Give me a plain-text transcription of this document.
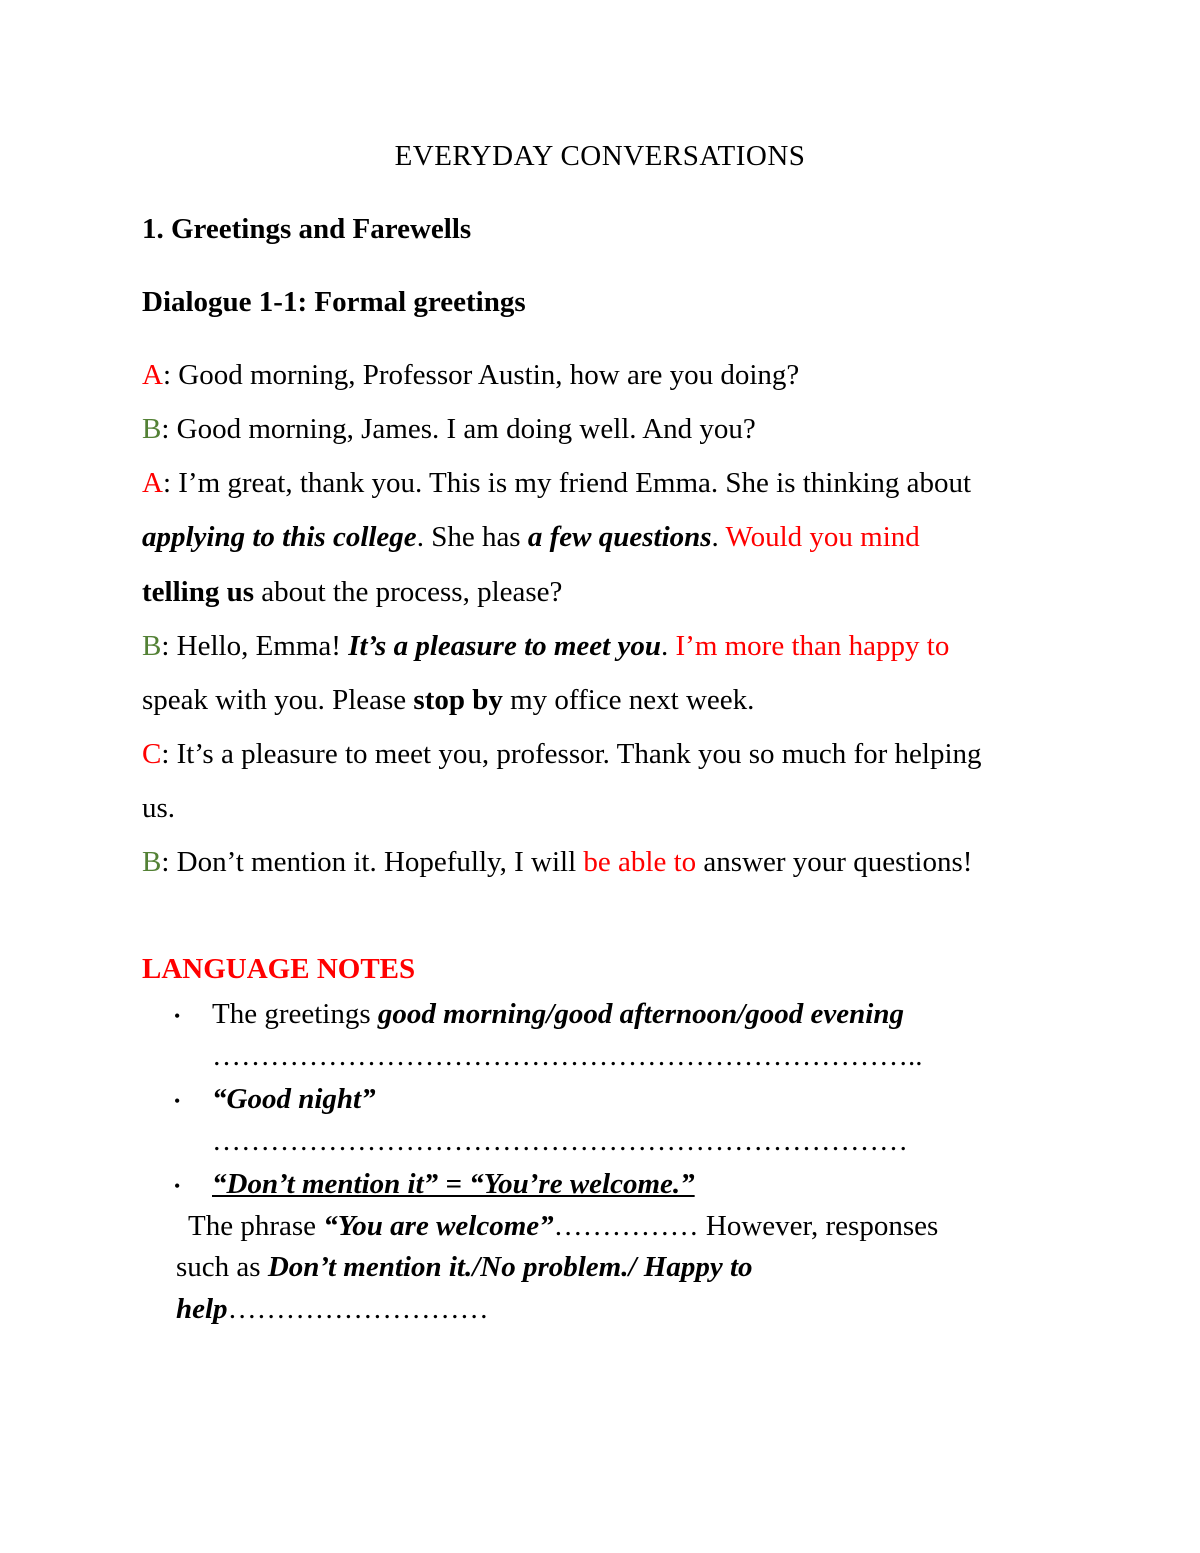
EVERYDAY CONVERSATIONS
1. Greetings and Farewells
Dialogue 1-1: Formal greetings
A: Good morning, Professor Austin, how are you doing?
B: Good morning, James. I am doing well. And you?
A: I’m great, thank you. This is my friend Emma. She is thinking about
applying to this college. She has a few questions. Would you mind
telling us about the process, please?
B: Hello, Emma! It’s a pleasure to meet you. I’m more than happy to
speak with you. Please stop by my office next week.
C: It’s a pleasure to meet you, professor. Thank you so much for helping
us.
B: Don’t mention it. Hopefully, I will be able to answer your questions!
LANGUAGE NOTES
• The greetings good morning/good afternoon/good evening
………………………………………………………………..
• “Good night”
………………………………………………………………
• “Don’t mention it” = “You’re welcome.”
The phrase “You are welcome”…………… However, responses
such as Don’t mention it./No problem./ Happy to
help………………………
